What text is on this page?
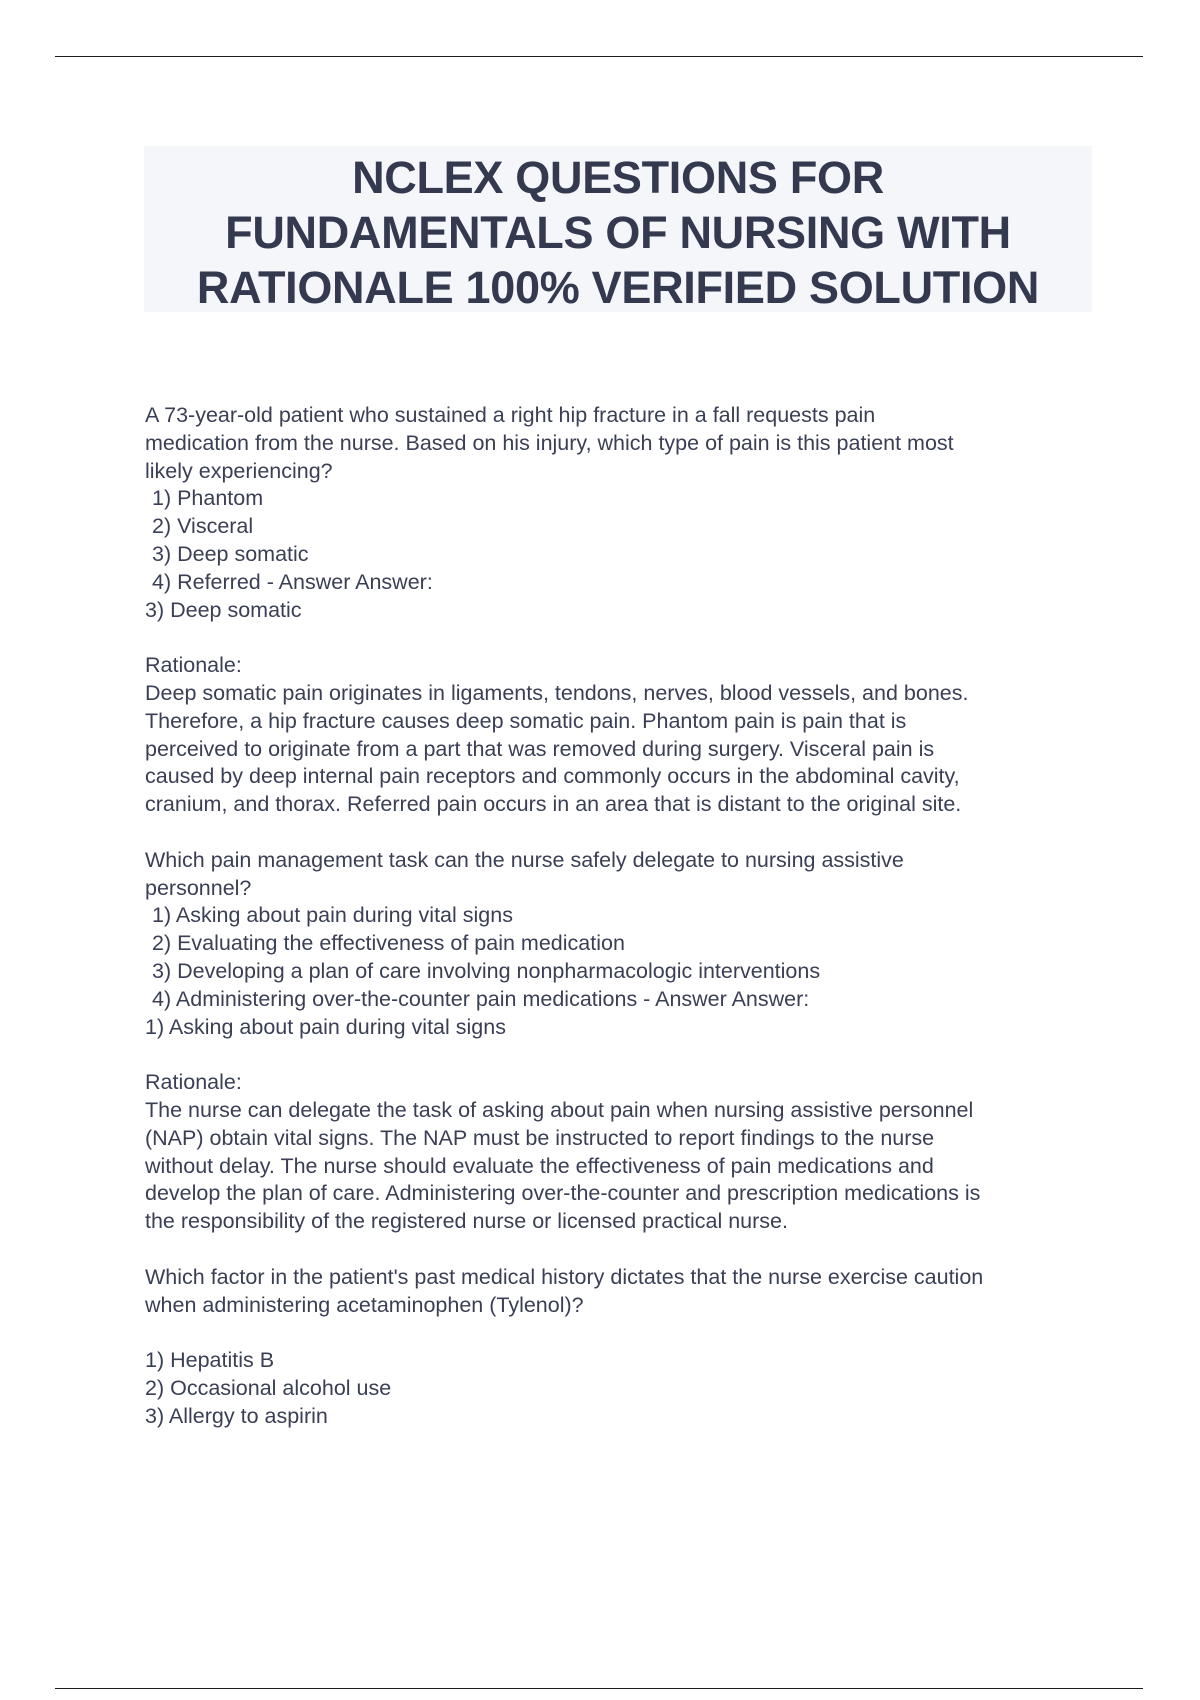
NCLEX QUESTIONS FOR
FUNDAMENTALS OF NURSING WITH
RATIONALE 100% VERIFIED SOLUTION
A 73-year-old patient who sustained a right hip fracture in a fall requests pain
medication from the nurse. Based on his injury, which type of pain is this patient most
likely experiencing?
1) Phantom
2) Visceral
3) Deep somatic
4) Referred - Answer Answer:
3) Deep somatic
Rationale:
Deep somatic pain originates in ligaments, tendons, nerves, blood vessels, and bones.
Therefore, a hip fracture causes deep somatic pain. Phantom pain is pain that is
perceived to originate from a part that was removed during surgery. Visceral pain is
caused by deep internal pain receptors and commonly occurs in the abdominal cavity,
cranium, and thorax. Referred pain occurs in an area that is distant to the original site.
Which pain management task can the nurse safely delegate to nursing assistive
personnel?
1) Asking about pain during vital signs
2) Evaluating the effectiveness of pain medication
3) Developing a plan of care involving nonpharmacologic interventions
4) Administering over-the-counter pain medications - Answer Answer:
1) Asking about pain during vital signs
Rationale:
The nurse can delegate the task of asking about pain when nursing assistive personnel
(NAP) obtain vital signs. The NAP must be instructed to report findings to the nurse
without delay. The nurse should evaluate the effectiveness of pain medications and
develop the plan of care. Administering over-the-counter and prescription medications is
the responsibility of the registered nurse or licensed practical nurse.
Which factor in the patient's past medical history dictates that the nurse exercise caution
when administering acetaminophen (Tylenol)?
1) Hepatitis B
2) Occasional alcohol use
3) Allergy to aspirin
